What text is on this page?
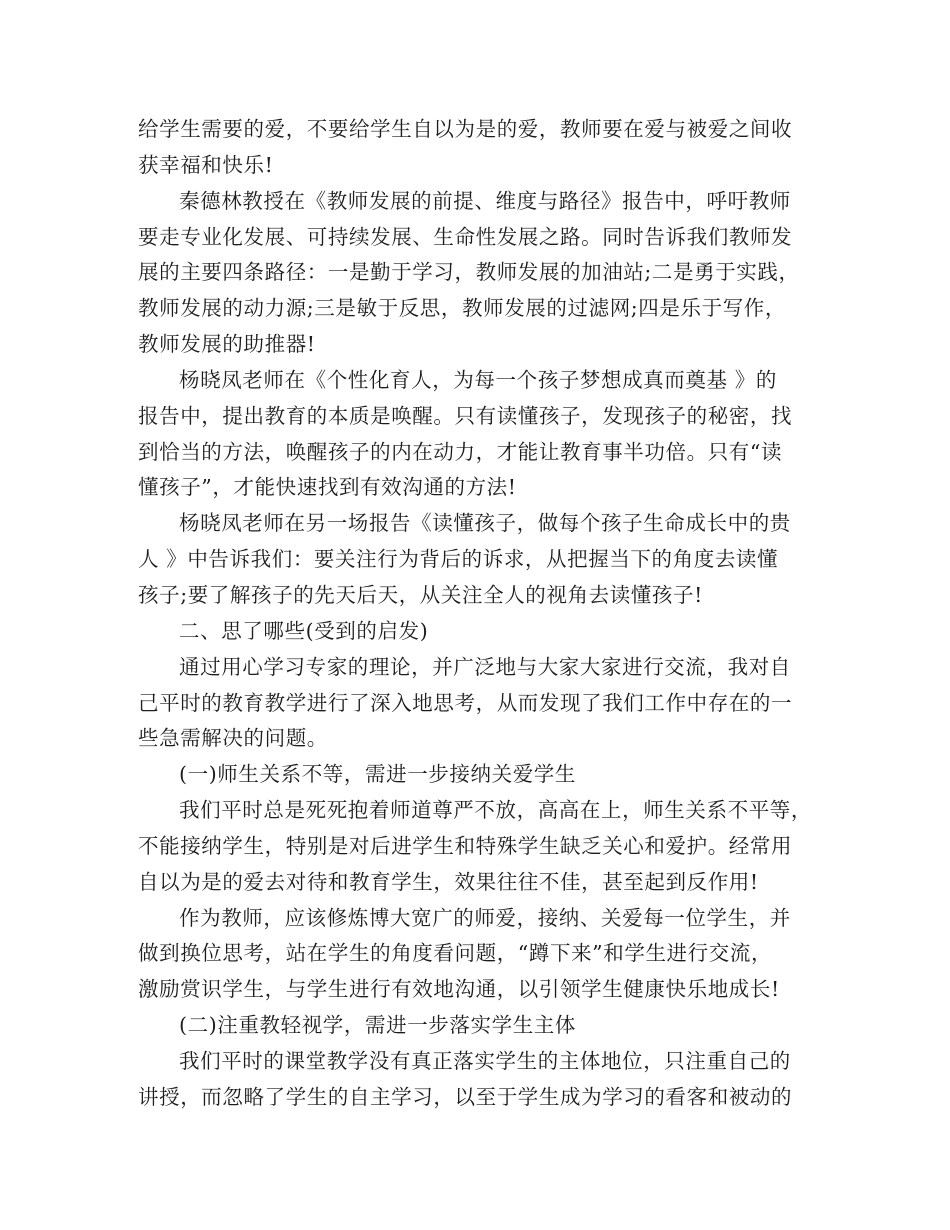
给学生需要的爱，不要给学生自以为是的爱，教师要在爱与被爱之间收
获幸福和快乐!
秦德林教授在《教师发展的前提、维度与路径》报告中，呼吁教师
要走专业化发展、可持续发展、生命性发展之路。同时告诉我们教师发
展的主要四条路径：一是勤于学习，教师发展的加油站;二是勇于实践，
教师发展的动力源;三是敏于反思，教师发展的过滤网;四是乐于写作，
教师发展的助推器!
杨晓凤老师在《个性化育人，为每一个孩子梦想成真而奠基 》的
报告中，提出教育的本质是唤醒。只有读懂孩子，发现孩子的秘密，找
到恰当的方法，唤醒孩子的内在动力，才能让教育事半功倍。只有“读
懂孩子”，才能快速找到有效沟通的方法!
杨晓凤老师在另一场报告《读懂孩子，做每个孩子生命成长中的贵
人 》中告诉我们：要关注行为背后的诉求，从把握当下的角度去读懂
孩子;要了解孩子的先天后天，从关注全人的视角去读懂孩子!
二、思了哪些(受到的启发)
通过用心学习专家的理论，并广泛地与大家大家进行交流，我对自
己平时的教育教学进行了深入地思考，从而发现了我们工作中存在的一
些急需解决的问题。
(一)师生关系不等，需进一步接纳关爱学生
我们平时总是死死抱着师道尊严不放，高高在上，师生关系不平等，
不能接纳学生，特别是对后进学生和特殊学生缺乏关心和爱护。经常用
自以为是的爱去对待和教育学生，效果往往不佳，甚至起到反作用!
作为教师，应该修炼博大宽广的师爱，接纳、关爱每一位学生，并
做到换位思考，站在学生的角度看问题，“蹲下来”和学生进行交流，
激励赏识学生，与学生进行有效地沟通，以引领学生健康快乐地成长!
(二)注重教轻视学，需进一步落实学生主体
我们平时的课堂教学没有真正落实学生的主体地位，只注重自己的
讲授，而忽略了学生的自主学习，以至于学生成为学习的看客和被动的
